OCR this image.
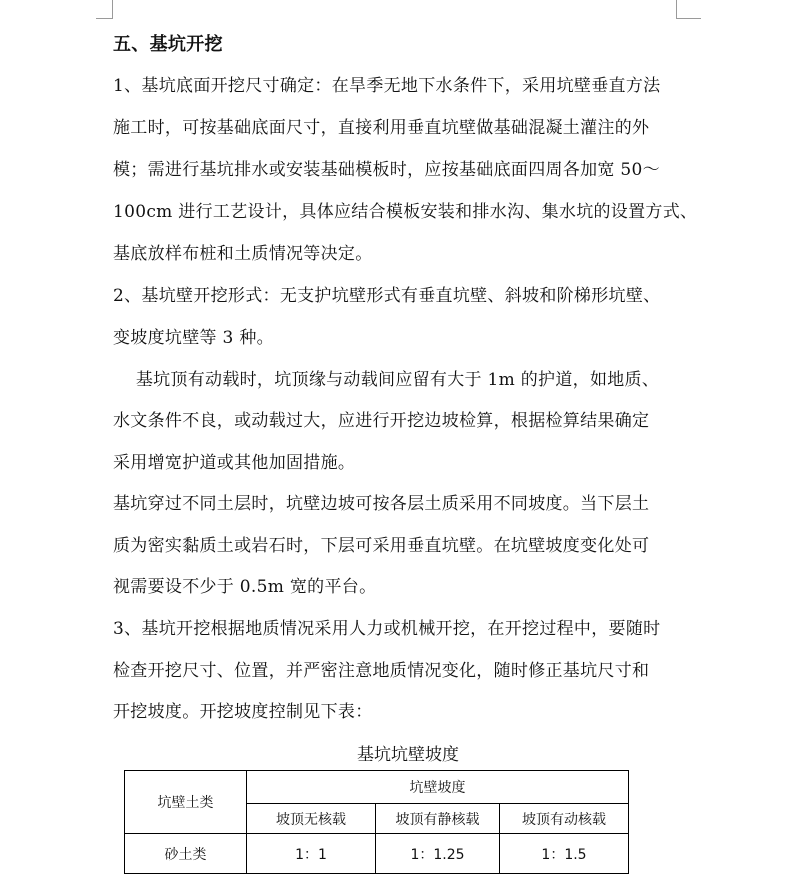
五、基坑开挖
1、基坑底面开挖尺寸确定：在旱季无地下水条件下，采用坑壁垂直方法
施工时，可按基础底面尺寸，直接利用垂直坑壁做基础混凝土灌注的外
模；需进行基坑排水或安装基础模板时，应按基础底面四周各加宽 50～
100cm 进行工艺设计，具体应结合模板安装和排水沟、集水坑的设置方式、
基底放样布桩和土质情况等决定。
2、基坑壁开挖形式：无支护坑壁形式有垂直坑壁、斜坡和阶梯形坑壁、
变坡度坑壁等 3 种。
基坑顶有动载时，坑顶缘与动载间应留有大于 1m 的护道，如地质、
水文条件不良，或动载过大，应进行开挖边坡检算，根据检算结果确定
采用增宽护道或其他加固措施。
基坑穿过不同土层时，坑壁边坡可按各层土质采用不同坡度。当下层土
质为密实黏质土或岩石时，下层可采用垂直坑壁。在坑壁坡度变化处可
视需要设不少于 0.5m 宽的平台。
3、基坑开挖根据地质情况采用人力或机械开挖，在开挖过程中，要随时
检查开挖尺寸、位置，并严密注意地质情况变化，随时修正基坑尺寸和
开挖坡度。开挖坡度控制见下表：
基坑坑壁坡度
坑壁土类	坑壁坡度		
	坡顶无核载	坡顶有静核载	坡顶有动核载
砂土类	1：1	1：1.25	1：1.5
